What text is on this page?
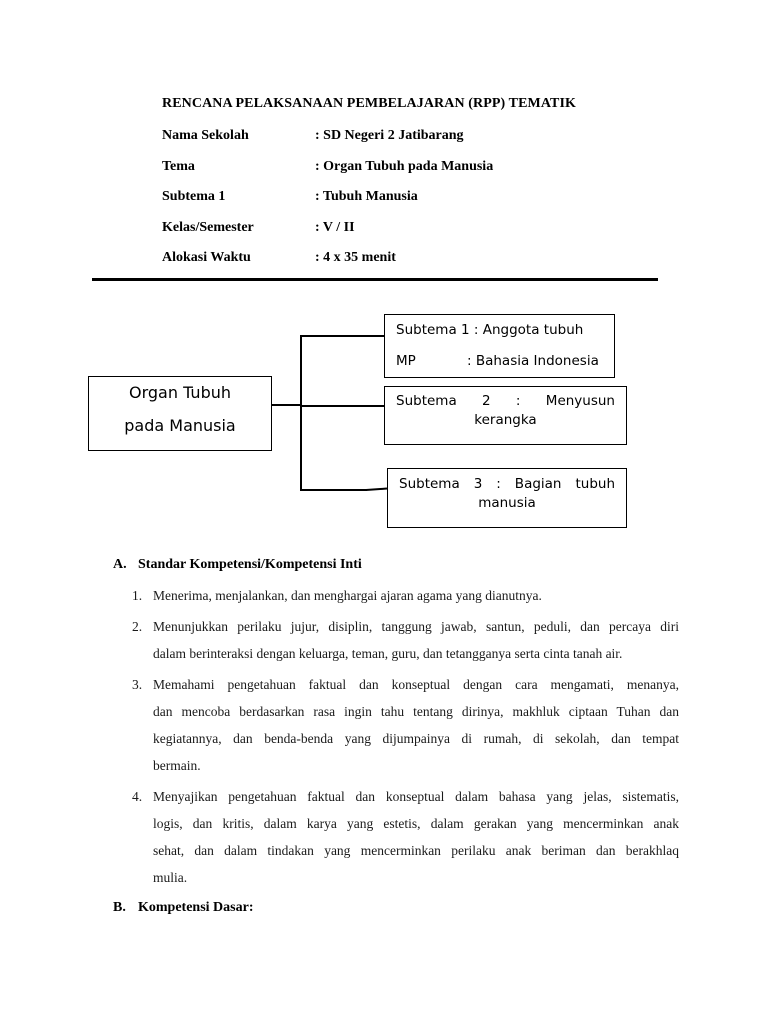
RENCANA PELAKSANAAN PEMBELAJARAN (RPP) TEMATIK
Nama Sekolah	: SD Negeri 2 Jatibarang
Tema	: Organ Tubuh pada Manusia
Subtema 1	: Tubuh Manusia
Kelas/Semester	: V / II
Alokasi Waktu	: 4 x 35 menit
Organ Tubuh
pada Manusia
Subtema 1 : Anggota tubuh
MP	: Bahasia Indonesia
Subtema 2 : Menyusun
kerangka
Subtema 3 : Bagian tubuh
manusia
A. Standar Kompetensi/Kompetensi Inti
1. Menerima, menjalankan, dan menghargai ajaran agama yang dianutnya.
2. Menunjukkan perilaku jujur, disiplin, tanggung jawab, santun, peduli, dan percaya diri
dalam berinteraksi dengan keluarga, teman, guru, dan tetangganya serta cinta tanah air.
3. Memahami pengetahuan faktual dan konseptual dengan cara mengamati, menanya,
dan mencoba berdasarkan rasa ingin tahu tentang dirinya, makhluk ciptaan Tuhan dan
kegiatannya, dan benda-benda yang dijumpainya di rumah, di sekolah, dan tempat
bermain.
4. Menyajikan pengetahuan faktual dan konseptual dalam bahasa yang jelas, sistematis,
logis, dan kritis, dalam karya yang estetis, dalam gerakan yang mencerminkan anak
sehat, dan dalam tindakan yang mencerminkan perilaku anak beriman dan berakhlaq
mulia.
B. Kompetensi Dasar:
